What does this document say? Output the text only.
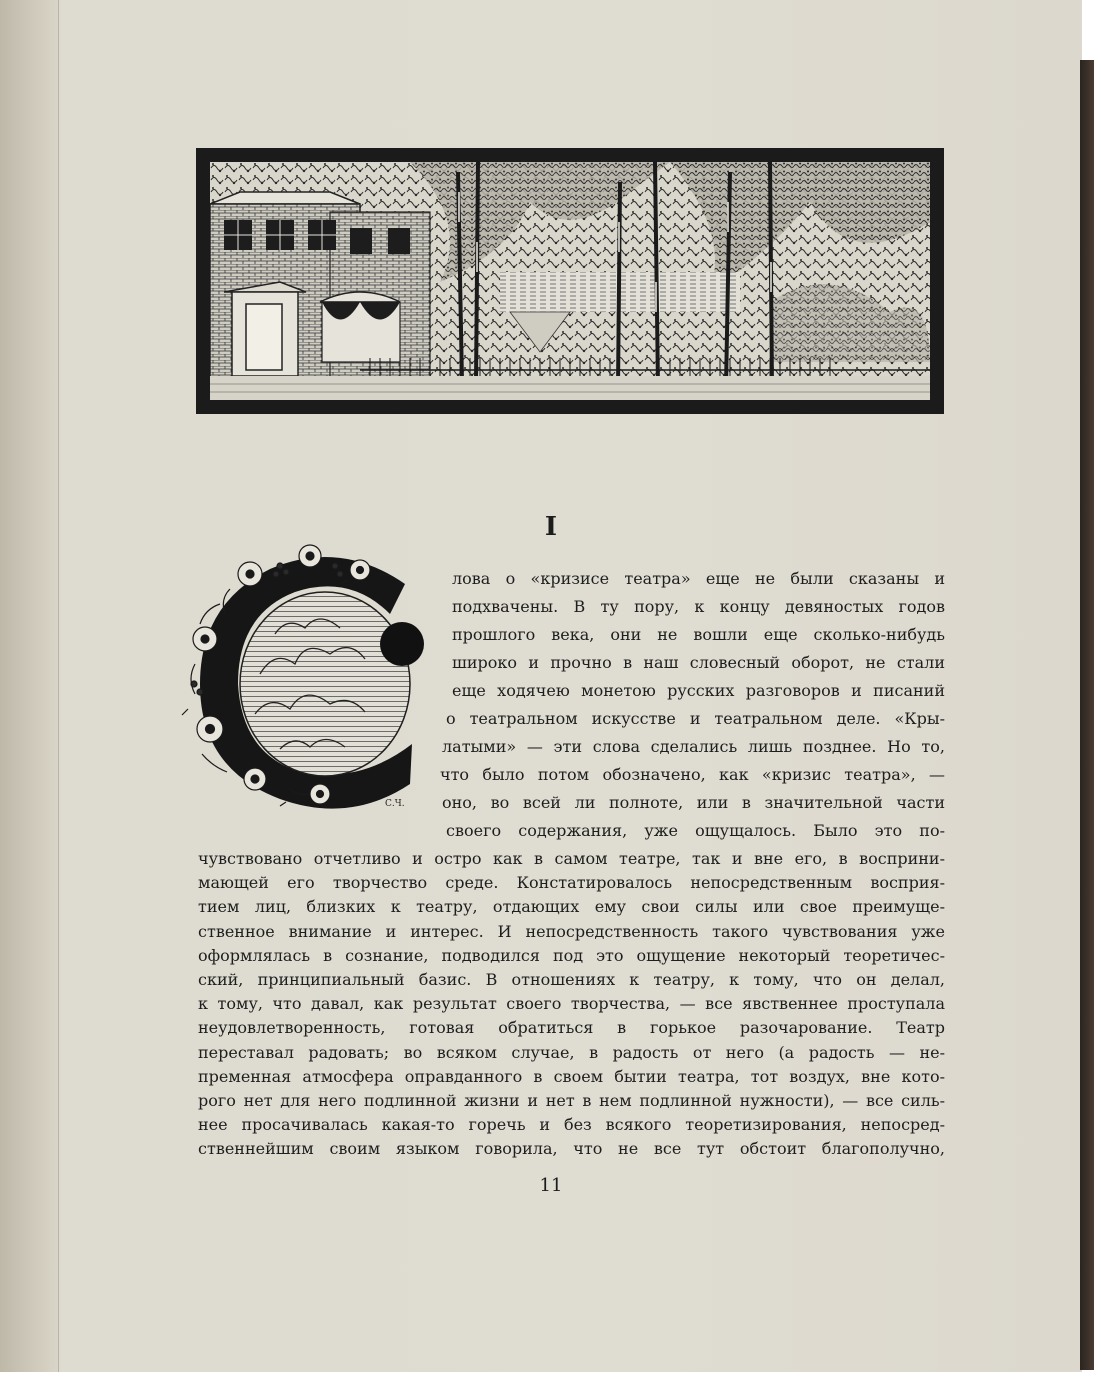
I
С.Ч.
лова о «кризисе театра» еще не были сказаны и
подхвачены. В ту пору, к концу девяностых годов
прошлого века, они не вошли еще сколько-нибудь
широко и прочно в наш словесный оборот, не стали
еще ходячею монетою русских разговоров и писаний
о театральном искусстве и театральном деле. «Кры-
латыми» — эти слова сделались лишь позднее. Но то,
что было потом обозначено, как «кризис театра», —
оно, во всей ли полноте, или в значительной части
своего содержания, уже ощущалось. Было это по-
чувствовано отчетливо и остро как в самом театре, так и вне его, в восприни-
мающей его творчество среде. Констатировалось непосредственным восприя-
тием лиц, близких к театру, отдающих ему свои силы или свое преимуще-
ственное внимание и интерес. И непосредственность такого чувствования уже
оформлялась в сознание, подводился под это ощущение некоторый теоретичес-
ский, принципиальный базис. В отношениях к театру, к тому, что он делал,
к тому, что давал, как результат своего творчества, — все явственнее проступала
неудовлетворенность, готовая обратиться в горькое разочарование. Театр
переставал радовать; во всяком случае, в радость от него (а радость — не-
пременная атмосфера оправданного в своем бытии театра, тот воздух, вне кото-
рого нет для него подлинной жизни и нет в нем подлинной нужности), — все силь-
нее просачивалась какая-то горечь и без всякого теоретизирования, непосред-
ственнейшим своим языком говорила, что не все тут обстоит благополучно,
11
